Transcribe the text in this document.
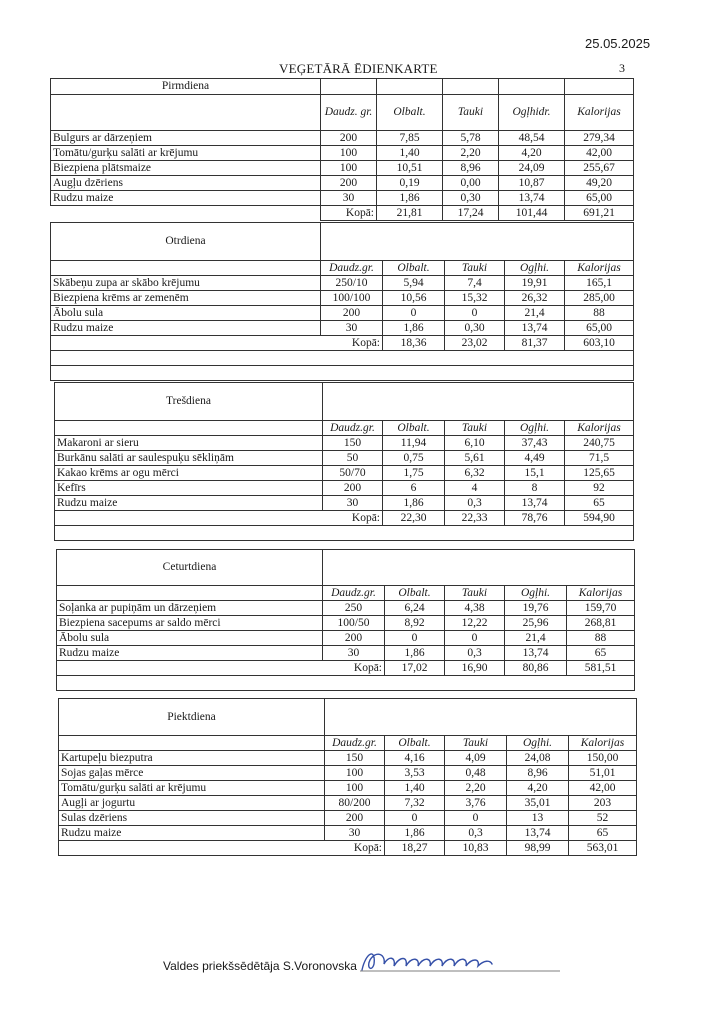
25.05.2025
VEĢETĀRĀ ĒDIENKARTE	3
Pirmdiena					
	Daudz. gr.	Olbalt.	Tauki	Ogļhidr.	Kalorijas
Bulgurs ar dārzeņiem	200	7,85	5,78	48,54	279,34
Tomātu/gurķu salāti ar krējumu	100	1,40	2,20	4,20	42,00
Biezpiena plātsmaize	100	10,51	8,96	24,09	255,67
Augļu dzēriens	200	0,19	0,00	10,87	49,20
Rudzu maize	30	1,86	0,30	13,74	65,00
	Kopā:	21,81	17,24	101,44	691,21
Otrdiena					
	Daudz.gr.	Olbalt.	Tauki	Ogļhi.	Kalorijas
Skābeņu zupa ar skābo krējumu	250/10	5,94	7,4	19,91	165,1
Biezpiena krēms ar zemenēm	100/100	10,56	15,32	26,32	285,00
Ābolu sula	200	0	0	21,4	88
Rudzu maize	30	1,86	0,30	13,74	65,00
Kopā:		18,36	23,02	81,37	603,10

Trešdiena					
	Daudz.gr.	Olbalt.	Tauki	Ogļhi.	Kalorijas
Makaroni ar sieru	150	11,94	6,10	37,43	240,75
Burkānu salāti ar saulespuķu sēkliņām	50	0,75	5,61	4,49	71,5
Kakao krēms ar ogu mērci	50/70	1,75	6,32	15,1	125,65
Kefīrs	200	6	4	8	92
Rudzu maize	30	1,86	0,3	13,74	65
Kopā:		22,30	22,33	78,76	594,90

Ceturtdiena					
	Daudz.gr.	Olbalt.	Tauki	Ogļhi.	Kalorijas
Soļanka ar pupiņām un dārzeņiem	250	6,24	4,38	19,76	159,70
Biezpiena sacepums ar saldo mērci	100/50	8,92	12,22	25,96	268,81
Ābolu sula	200	0	0	21,4	88
Rudzu maize	30	1,86	0,3	13,74	65
Kopā:		17,02	16,90	80,86	581,51

Piektdiena					
	Daudz.gr.	Olbalt.	Tauki	Ogļhi.	Kalorijas
Kartupeļu biezputra	150	4,16	4,09	24,08	150,00
Sojas gaļas mērce	100	3,53	0,48	8,96	51,01
Tomātu/gurķu salāti ar krējumu	100	1,40	2,20	4,20	42,00
Augļi ar jogurtu	80/200	7,32	3,76	35,01	203
Sulas dzēriens	200	0	0	13	52
Rudzu maize	30	1,86	0,3	13,74	65
Kopā:		18,27	10,83	98,99	563,01
Valdes priekšsēdētāja S.Voronovska
